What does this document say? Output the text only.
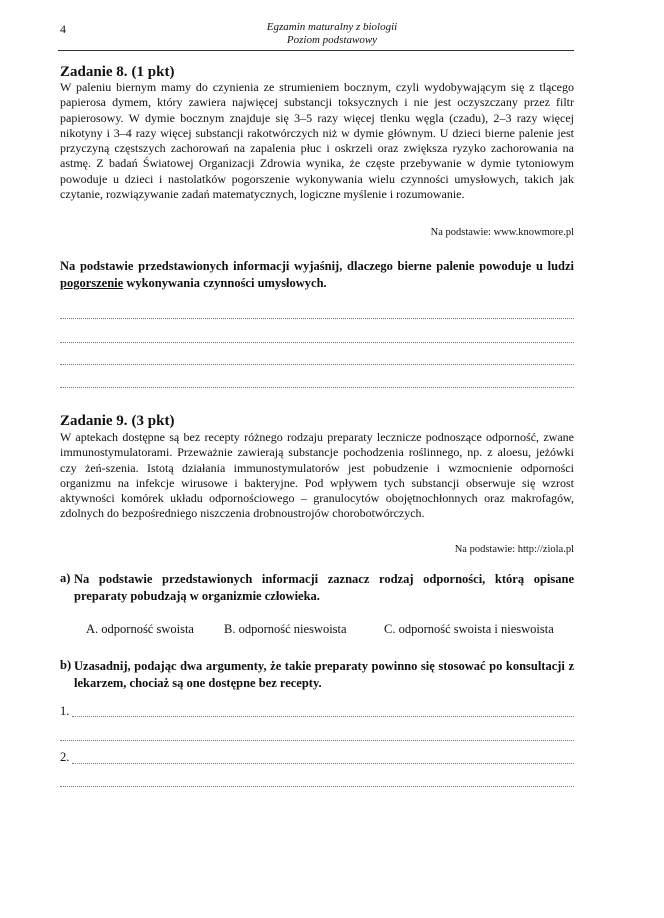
4	Egzamin maturalny z biologii
Poziom podstawowy
Zadanie 8. (1 pkt)
W paleniu biernym mamy do czynienia ze strumieniem bocznym, czyli wydobywającym się z tlącego papierosa dymem, który zawiera najwięcej substancji toksycznych i nie jest oczyszczany przez filtr papierosowy. W dymie bocznym znajduje się 3–5 razy więcej tlenku węgla (czadu), 2–3 razy więcej nikotyny i 3–4 razy więcej substancji rakotwórczych niż w dymie głównym. U dzieci bierne palenie jest przyczyną częstszych zachorowań na zapalenia płuc i oskrzeli oraz zwiększa ryzyko zachorowania na astmę. Z badań Światowej Organizacji Zdrowia wynika, że częste przebywanie w dymie tytoniowym powoduje u dzieci i nastolatków pogorszenie wykonywania wielu czynności umysłowych, takich jak czytanie, rozwiązywanie zadań matematycznych, logiczne myślenie i rozumowanie.
Na podstawie: www.knowmore.pl
Na podstawie przedstawionych informacji wyjaśnij, dlaczego bierne palenie powoduje u ludzi pogorszenie wykonywania czynności umysłowych.
Zadanie 9. (3 pkt)
W aptekach dostępne są bez recepty różnego rodzaju preparaty lecznicze podnoszące odporność, zwane immunostymulatorami. Przeważnie zawierają substancje pochodzenia roślinnego, np. z aloesu, jeżówki czy żeń-szenia. Istotą działania immunostymulatorów jest pobudzenie i wzmocnienie odporności organizmu na infekcje wirusowe i bakteryjne. Pod wpływem tych substancji obserwuje się wzrost aktywności komórek układu odpornościowego – granulocytów obojętnochłonnych oraz makrofagów, zdolnych do bezpośredniego niszczenia drobnoustrojów chorobotwórczych.
Na podstawie: http://ziola.pl
a) Na podstawie przedstawionych informacji zaznacz rodzaj odporności, którą opisane preparaty pobudzają w organizmie człowieka.
A. odporność swoista B. odporność nieswoista	C. odporność swoista i nieswoista
b) Uzasadnij, podając dwa argumenty, że takie preparaty powinno się stosować po konsultacji z lekarzem, chociaż są one dostępne bez recepty.
1.
2.
